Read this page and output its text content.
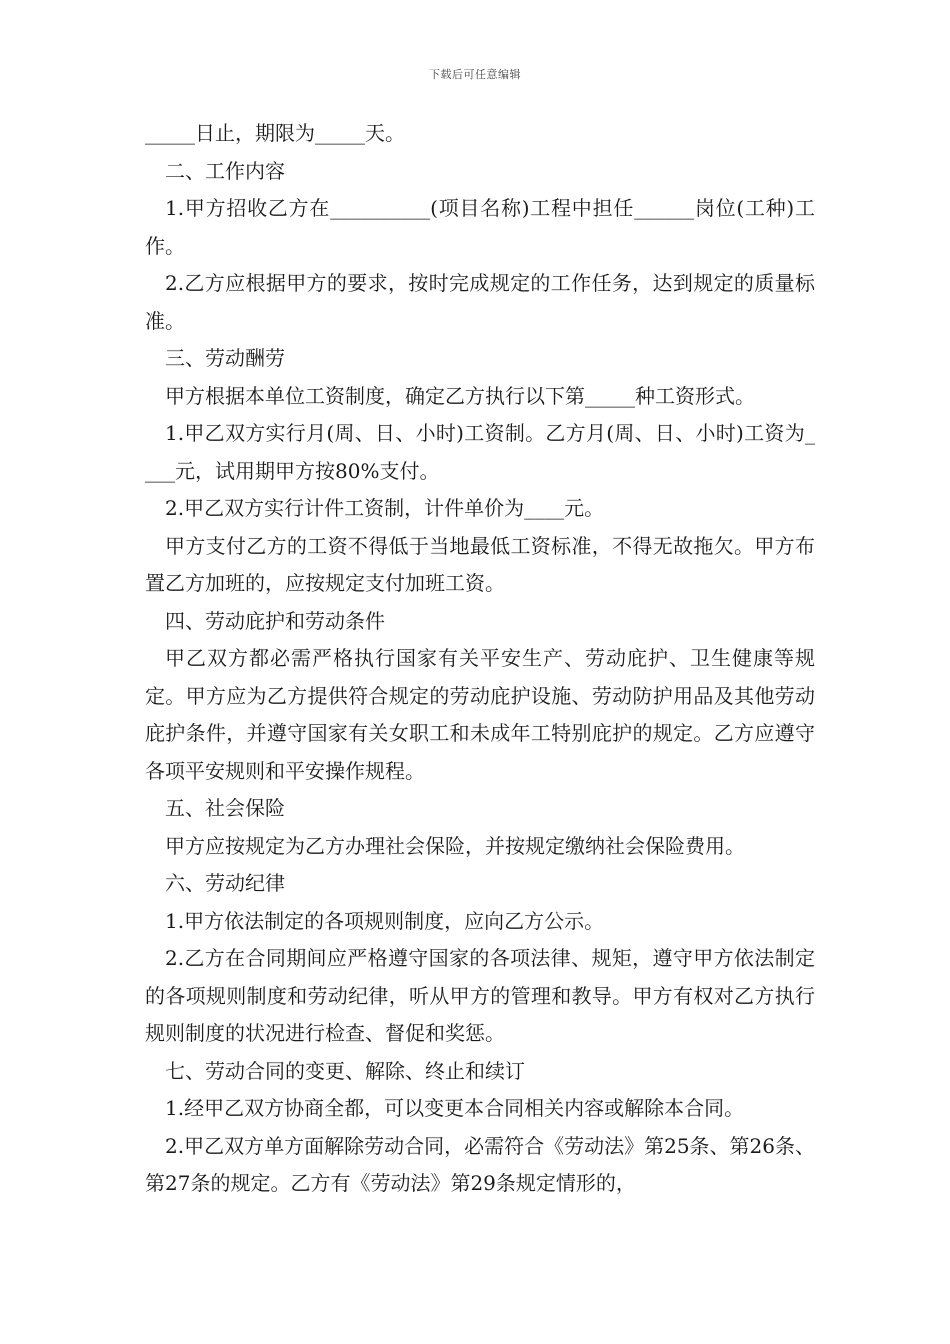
下载后可任意编辑

_____日止，期限为_____天。

二、工作内容

1.甲方招收乙方在__________(项目名称)工程中担任______岗位(工种)工作。

2.乙方应根据甲方的要求，按时完成规定的工作任务，达到规定的质量标准。

三、劳动酬劳

甲方根据本单位工资制度，确定乙方执行以下第_____种工资形式。

1.甲乙双方实行月(周、日、小时)工资制。乙方月(周、日、小时)工资为____元，试用期甲方按80%支付。

2.甲乙双方实行计件工资制，计件单价为____元。

甲方支付乙方的工资不得低于当地最低工资标准，不得无故拖欠。甲方布置乙方加班的，应按规定支付加班工资。

四、劳动庇护和劳动条件

甲乙双方都必需严格执行国家有关平安生产、劳动庇护、卫生健康等规定。甲方应为乙方提供符合规定的劳动庇护设施、劳动防护用品及其他劳动庇护条件，并遵守国家有关女职工和未成年工特别庇护的规定。乙方应遵守各项平安规则和平安操作规程。

五、社会保险

甲方应按规定为乙方办理社会保险，并按规定缴纳社会保险费用。

六、劳动纪律

1.甲方依法制定的各项规则制度，应向乙方公示。

2.乙方在合同期间应严格遵守国家的各项法律、规矩，遵守甲方依法制定的各项规则制度和劳动纪律，听从甲方的管理和教导。甲方有权对乙方执行规则制度的状况进行检查、督促和奖惩。

七、劳动合同的变更、解除、终止和续订

1.经甲乙双方协商全都，可以变更本合同相关内容或解除本合同。

2.甲乙双方单方面解除劳动合同，必需符合《劳动法》第25条、第26条、第27条的规定。乙方有《劳动法》第29条规定情形的，
